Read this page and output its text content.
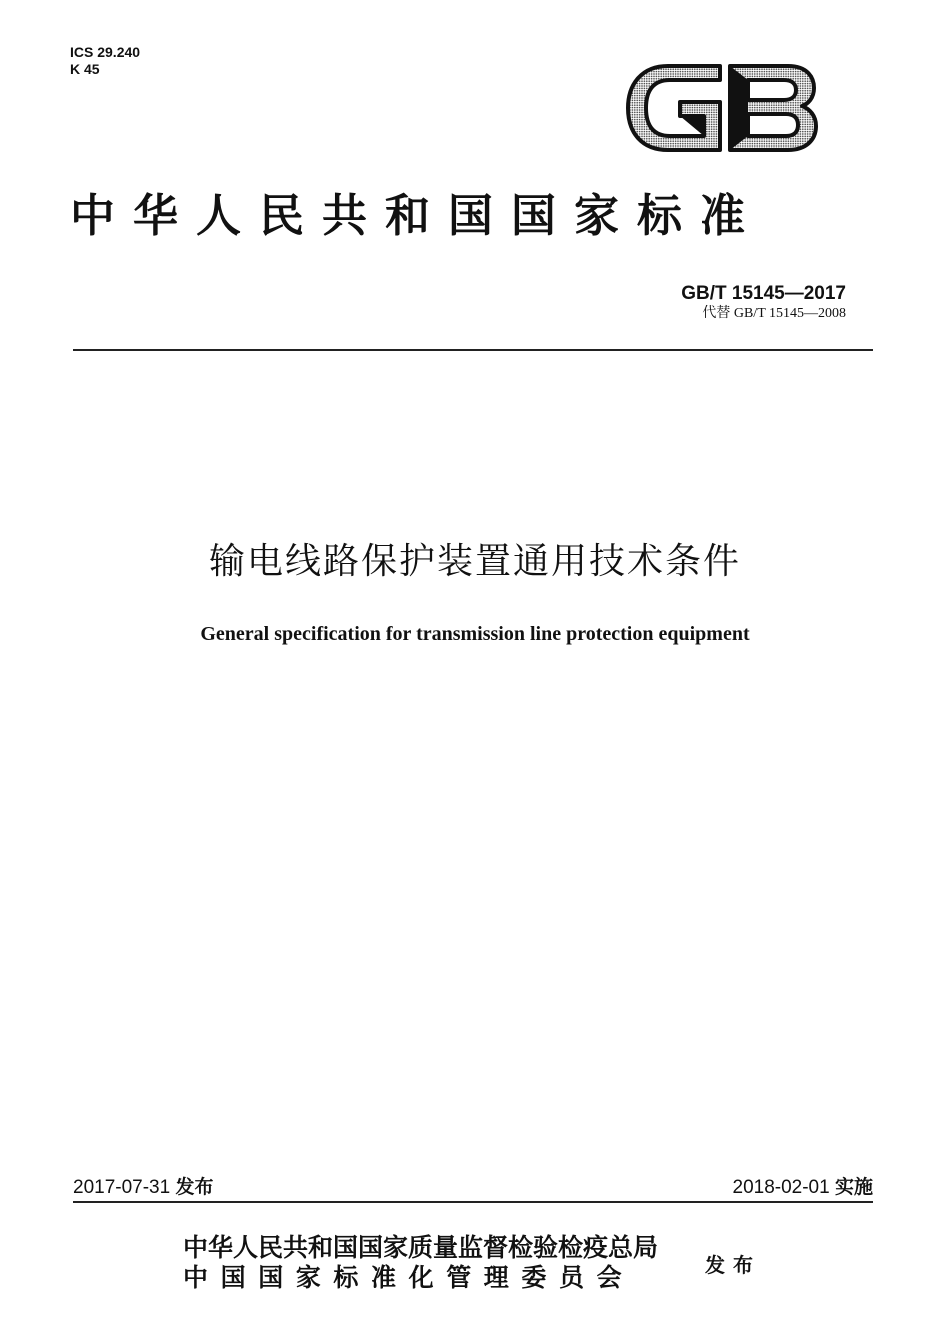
ICS 29.240
K 45
中华人民共和国国家标准
GB/T 15145—2017
代替 GB/T 15145—2008
输电线路保护装置通用技术条件
General specification for transmission line protection equipment
2017-07-31 发布	2018-02-01 实施
中华人民共和国国家质量监督检验检疫总局
中国国家标准化管理委员会	发布
